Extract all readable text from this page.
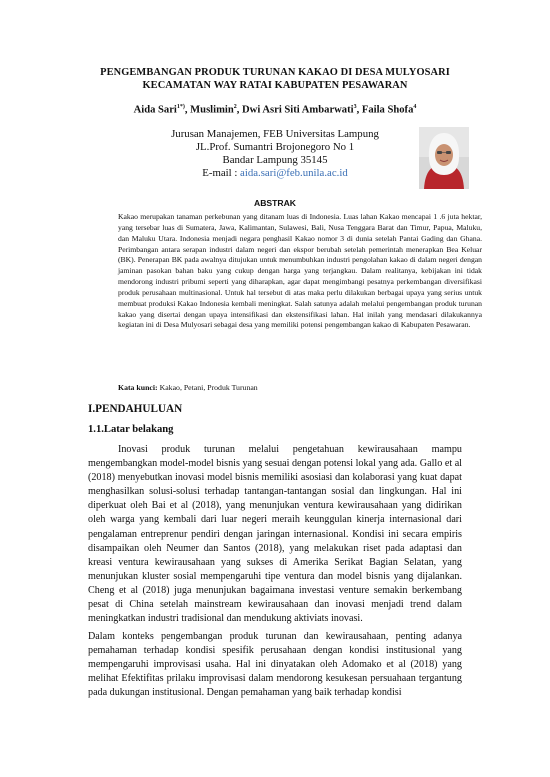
PENGEMBANGAN PRODUK TURUNAN KAKAO DI DESA MULYOSARI
KECAMATAN WAY RATAI KABUPATEN PESAWARAN
Aida Sari$^{1*)}$, Muslimin$^2$, Dwi Asri Siti Ambarwati$^3$, Faila Shofa$^4$
Jurusan Manajemen, FEB Universitas Lampung
JL.Prof. Sumantri Brojonegoro No 1
Bandar Lampung 35145
E-mail : aida.sari@feb.unila.ac.id
ABSTRAK
Kakao merupakan tanaman perkebunan yang ditanam luas di Indonesia. Luas lahan Kakao mencapai 1 .6 juta hektar, yang tersebar luas di Sumatera, Jawa, Kalimantan, Sulawesi, Bali, Nusa Tenggara Barat dan Timur, Papua, Maluku, dan Maluku Utara. Indonesia menjadi negara penghasil Kakao nomor 3 di dunia setelah Pantai Gading dan Ghana. Perimbangan antara serapan industri dalam negeri dan ekspor berubah setelah pemerintah menerapkan Bea Keluar (BK). Penerapan BK pada awalnya ditujukan untuk menumbuhkan industri pengolahan kakao di dalam negeri dengan jaminan pasokan bahan baku yang cukup dengan harga yang terjangkau. Dalam realitanya, kebijakan ini tidak mendorong industri pribumi seperti yang diharapkan, agar dapat mengimbangi pesatnya perkembangan diversifikasi produk perusahaan multinasional. Untuk hal tersebut di atas maka perlu dilakukan berbagai upaya yang serius untuk membuat produksi Kakao Indonesia kembali meningkat. Salah satunya adalah melalui pengembangan produk turunan kakao yang disertai dengan upaya intensifikasi dan ekstensifikasi lahan. Hal inilah yang mendasari dilakukannya kegiatan ini di Desa Mulyosari sebagai desa yang memiliki potensi pengembangan kakao di Kabupaten Pesawaran.
Kata kunci: Kakao, Petani, Produk Turunan
I.PENDAHULUAN
1.1.Latar belakang
Inovasi produk turunan melalui pengetahuan kewirausahaan mampu mengembangkan model-model bisnis yang sesuai dengan potensi lokal yang ada. Gallo et al (2018) menyebutkan inovasi model bisnis memiliki asosiasi dan kolaborasi yang kuat dapat menghasilkan solusi-solusi terhadap tantangan-tantangan sosial dan lingkungan. Hal ini diperkuat oleh Bai et al (2018), yang menunjukan ventura kewirausahaan yang didirikan oleh warga yang kembali dari luar negeri meraih keunggulan kinerja internasional dari pengalaman entreprenur pendiri dengan jaringan internasional. Kondisi ini secara empiris disampaikan oleh Neumer dan Santos (2018), yang melakukan riset pada adaptasi dan kreasi ventura kewirausahaan yang sukses di Amerika Serikat Bagian Selatan, yang menunjukan kluster sosial mempengaruhi tipe ventura dan model bisnis yang dijalankan. Cheng et al (2018) juga menunjukan bagaimana investasi venture semakin berkembang pesat di China setelah mainstream kewirausahaan dan inovasi menjadi trend dalam meningkatkan industri tradisional dan mendukung aktiviats inovasi.
Dalam konteks pengembangan produk turunan dan kewirausahaan, penting adanya pemahaman terhadap kondisi spesifik perusahaan dengan kondisi institusional yang mempengaruhi improvisasi usaha. Hal ini dinyatakan oleh Adomako et al (2018) yang melihat Efektifitas prilaku improvisasi dalam mendorong kesukesan persuahaan tergantung pada dukungan institusional. Dengan pemahaman yang baik terhadap kondisi
